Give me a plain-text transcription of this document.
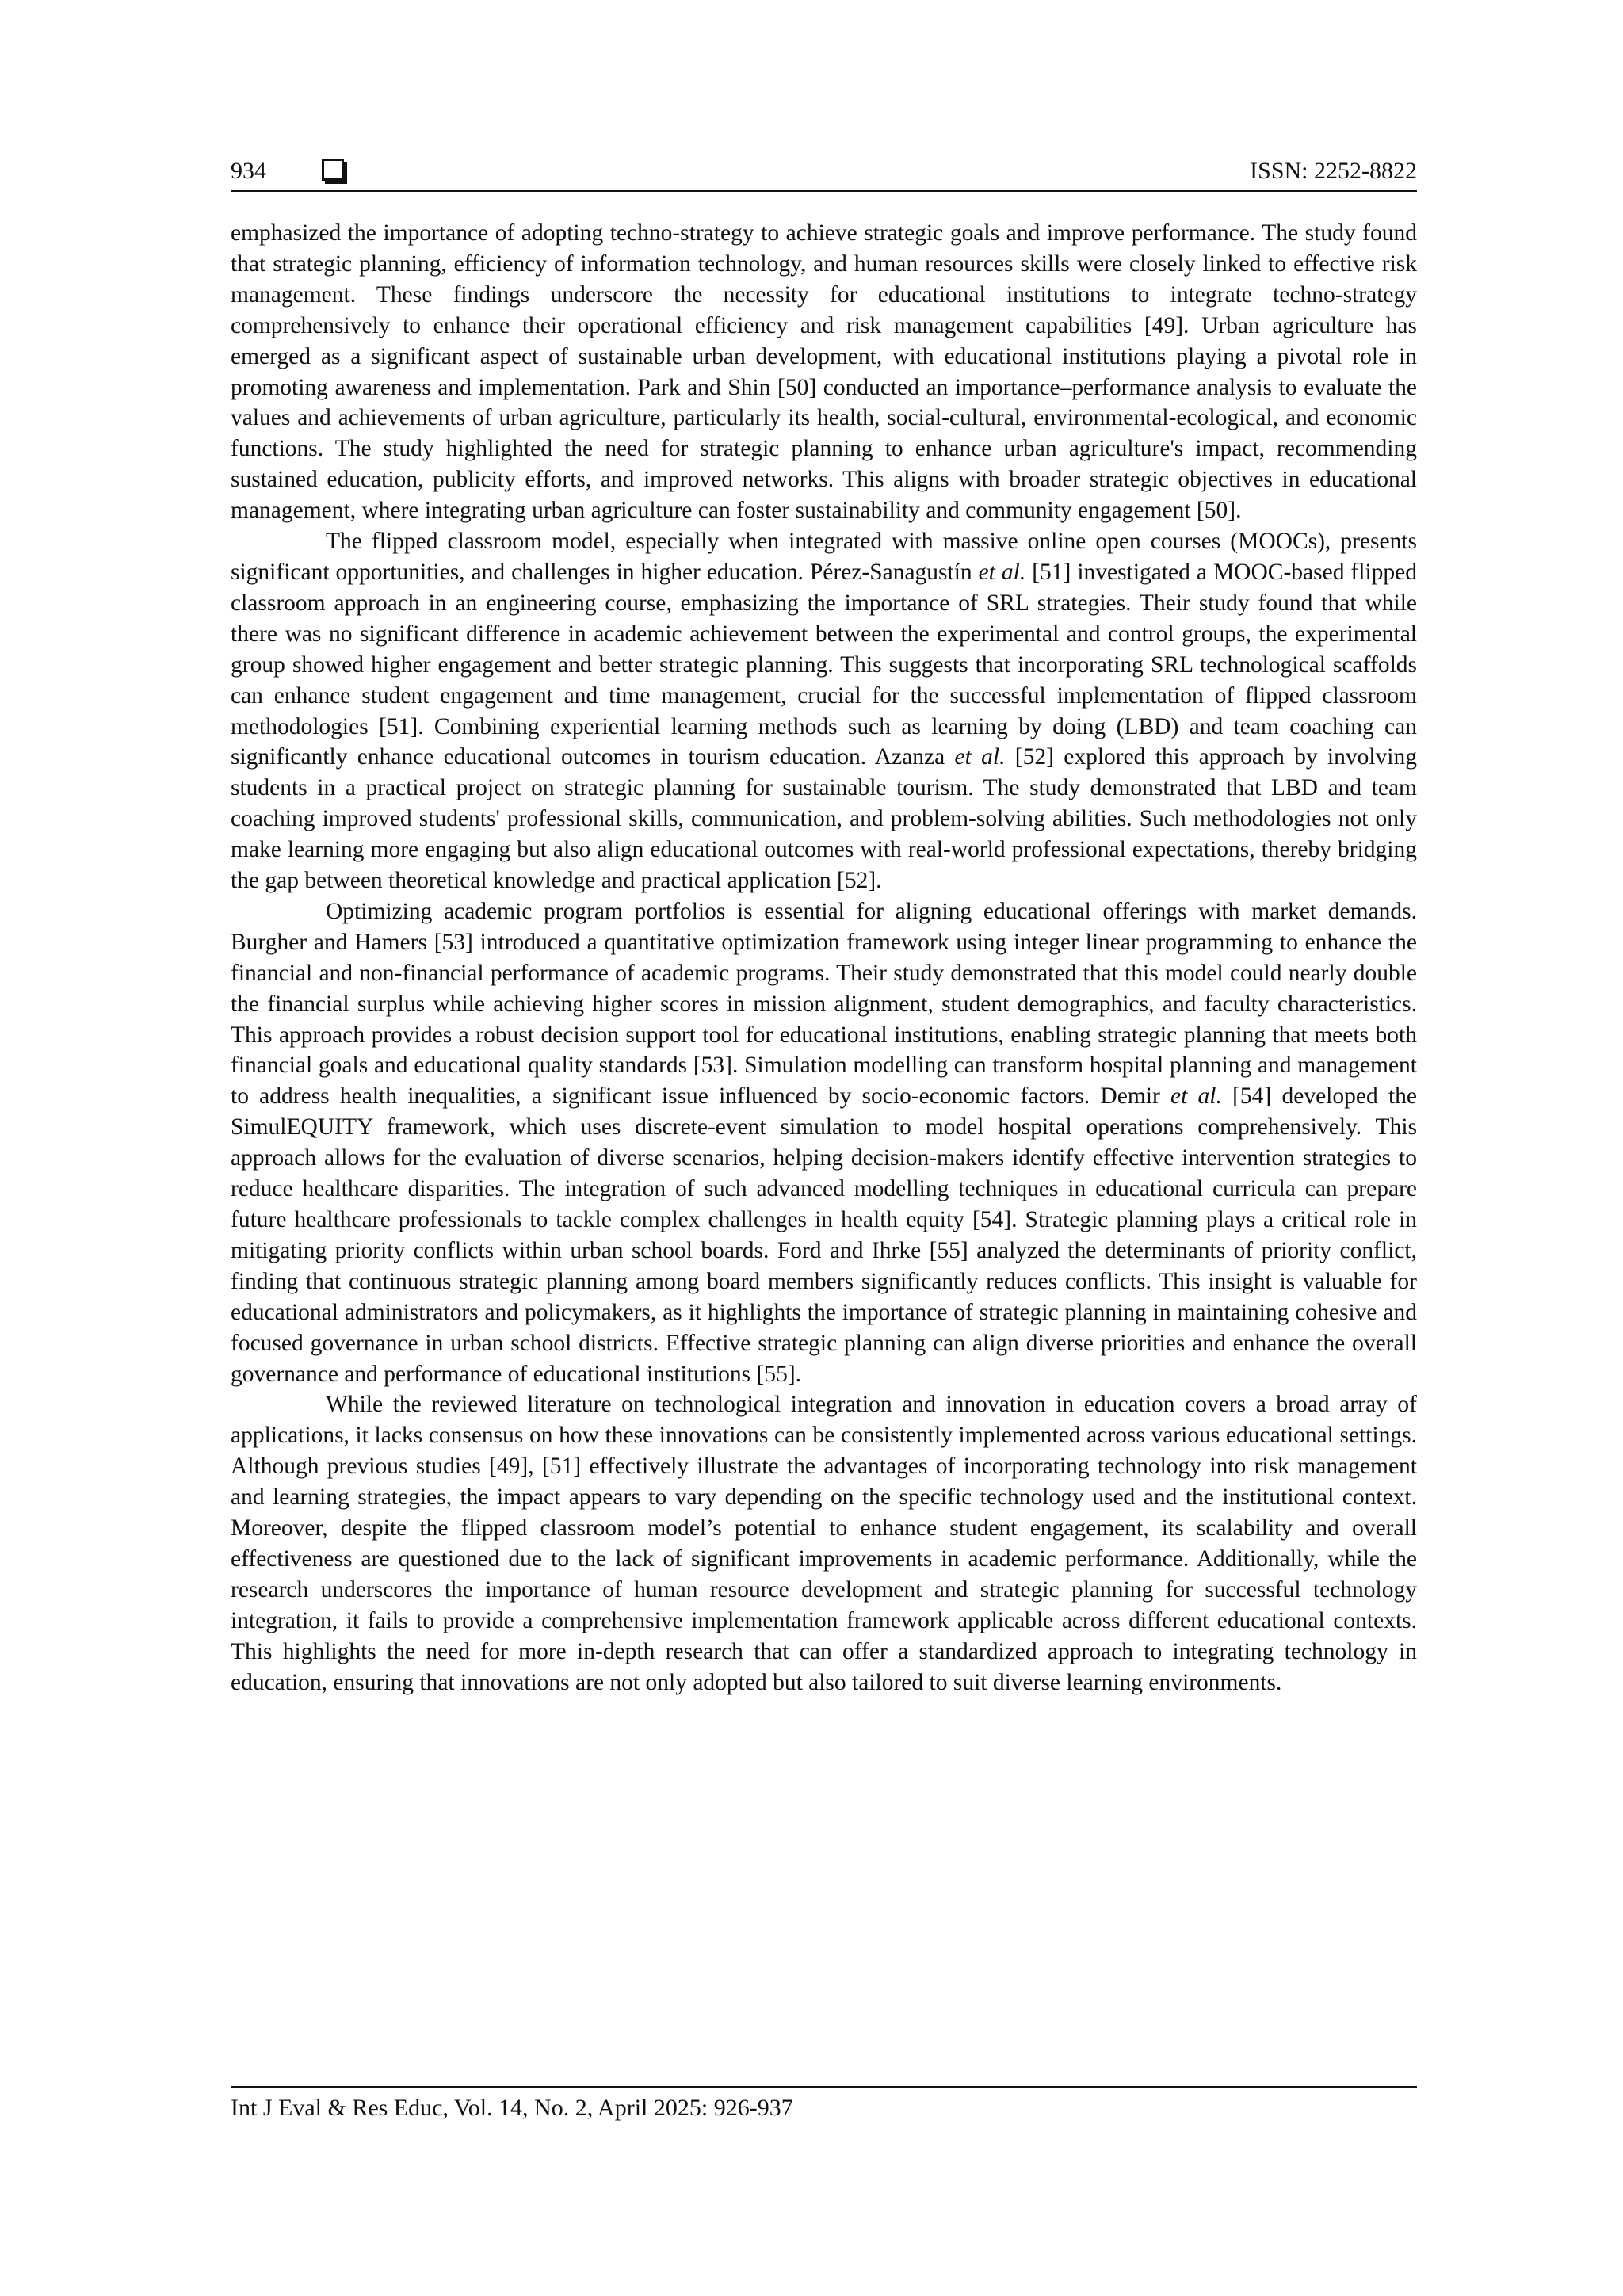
934	ISSN: 2252-8822

emphasized the importance of adopting techno-strategy to achieve strategic goals and improve performance. The study found that strategic planning, efficiency of information technology, and human resources skills were closely linked to effective risk management. These findings underscore the necessity for educational institutions to integrate techno-strategy comprehensively to enhance their operational efficiency and risk management capabilities [49]. Urban agriculture has emerged as a significant aspect of sustainable urban development, with educational institutions playing a pivotal role in promoting awareness and implementation. Park and Shin [50] conducted an importance–performance analysis to evaluate the values and achievements of urban agriculture, particularly its health, social-cultural, environmental-ecological, and economic functions. The study highlighted the need for strategic planning to enhance urban agriculture's impact, recommending sustained education, publicity efforts, and improved networks. This aligns with broader strategic objectives in educational management, where integrating urban agriculture can foster sustainability and community engagement [50].

The flipped classroom model, especially when integrated with massive online open courses (MOOCs), presents significant opportunities, and challenges in higher education. Pérez-Sanagustín et al. [51] investigated a MOOC-based flipped classroom approach in an engineering course, emphasizing the importance of SRL strategies. Their study found that while there was no significant difference in academic achievement between the experimental and control groups, the experimental group showed higher engagement and better strategic planning. This suggests that incorporating SRL technological scaffolds can enhance student engagement and time management, crucial for the successful implementation of flipped classroom methodologies [51]. Combining experiential learning methods such as learning by doing (LBD) and team coaching can significantly enhance educational outcomes in tourism education. Azanza et al. [52] explored this approach by involving students in a practical project on strategic planning for sustainable tourism. The study demonstrated that LBD and team coaching improved students' professional skills, communication, and problem-solving abilities. Such methodologies not only make learning more engaging but also align educational outcomes with real-world professional expectations, thereby bridging the gap between theoretical knowledge and practical application [52].

Optimizing academic program portfolios is essential for aligning educational offerings with market demands. Burgher and Hamers [53] introduced a quantitative optimization framework using integer linear programming to enhance the financial and non-financial performance of academic programs. Their study demonstrated that this model could nearly double the financial surplus while achieving higher scores in mission alignment, student demographics, and faculty characteristics. This approach provides a robust decision support tool for educational institutions, enabling strategic planning that meets both financial goals and educational quality standards [53]. Simulation modelling can transform hospital planning and management to address health inequalities, a significant issue influenced by socio-economic factors. Demir et al. [54] developed the SimulEQUITY framework, which uses discrete-event simulation to model hospital operations comprehensively. This approach allows for the evaluation of diverse scenarios, helping decision-makers identify effective intervention strategies to reduce healthcare disparities. The integration of such advanced modelling techniques in educational curricula can prepare future healthcare professionals to tackle complex challenges in health equity [54]. Strategic planning plays a critical role in mitigating priority conflicts within urban school boards. Ford and Ihrke [55] analyzed the determinants of priority conflict, finding that continuous strategic planning among board members significantly reduces conflicts. This insight is valuable for educational administrators and policymakers, as it highlights the importance of strategic planning in maintaining cohesive and focused governance in urban school districts. Effective strategic planning can align diverse priorities and enhance the overall governance and performance of educational institutions [55].

While the reviewed literature on technological integration and innovation in education covers a broad array of applications, it lacks consensus on how these innovations can be consistently implemented across various educational settings. Although previous studies [49], [51] effectively illustrate the advantages of incorporating technology into risk management and learning strategies, the impact appears to vary depending on the specific technology used and the institutional context. Moreover, despite the flipped classroom model’s potential to enhance student engagement, its scalability and overall effectiveness are questioned due to the lack of significant improvements in academic performance. Additionally, while the research underscores the importance of human resource development and strategic planning for successful technology integration, it fails to provide a comprehensive implementation framework applicable across different educational contexts. This highlights the need for more in-depth research that can offer a standardized approach to integrating technology in education, ensuring that innovations are not only adopted but also tailored to suit diverse learning environments.

Int J Eval & Res Educ, Vol. 14, No. 2, April 2025: 926-937
